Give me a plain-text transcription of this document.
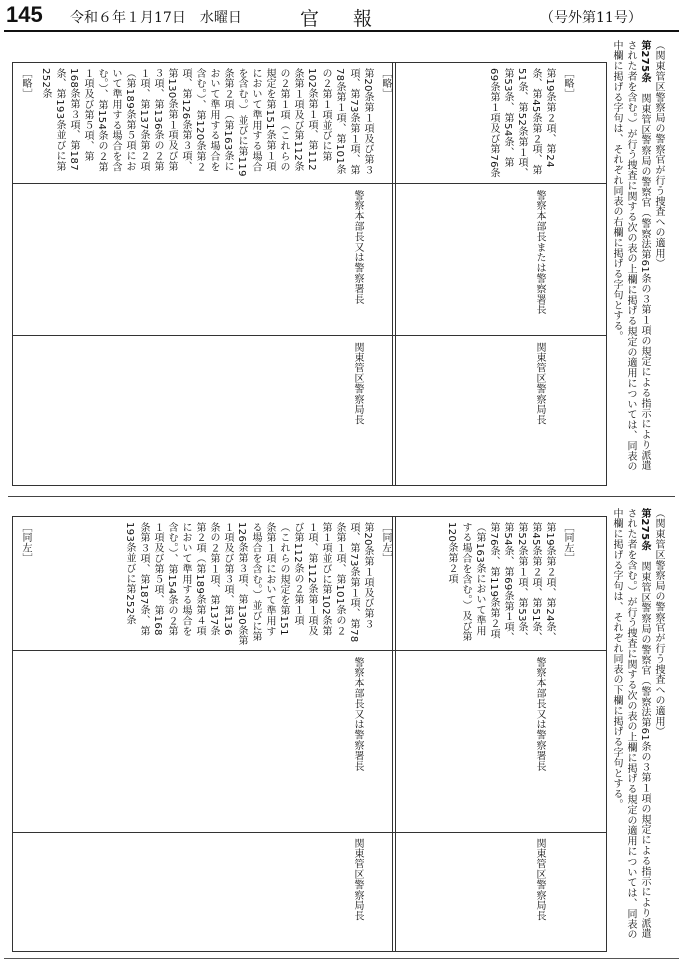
145 令和６年１月17日　水曜日	官報	（号外第11号）
（関東管区警察局の警察官が行う捜査への適用）
第275条　関東管区警察局の警察官（警察法第61条の３第１項の規定による指示により派遣された者を含む。）が行う捜査に関する次の表の上欄に掲げる規定の適用については、同表の中欄に掲げる字句は、それぞれ同表の右欄に掲げる字句とする。
［略］
第19条第２項、第24条、第45条第２項、第51条、第52条第１項、第53条、第54条、第69条第１項及び第76条
警察本部長または警察署長
関東管区警察局長
［略］
第20条第１項及び第３項、第73条第１項、第78条第１項、第101条の２第１項並びに第102条第１項、第112条第１項及び第112条の２第１項（これらの規定を第151条第１項において準用する場合を含む。）並びに第119条第２項（第163条において準用する場合を含む。）、第120条第２項、第126条第３項、第130条第１項及び第３項、第136条の２第１項、第137条第２項（第189条第５項において準用する場合を含む。）、第154条の２第１項及び第５項、第168条第３項、第187条、第193条並びに第252条
警察本部長又は警察署長
関東管区警察局長
［略］
（関東管区警察局の警察官が行う捜査への適用）
第275条　関東管区警察局の警察官（警察法第61条の３第１項の規定による指示により派遣された者を含む。）が行う捜査に関する次の表の上欄に掲げる規定の適用については、同表の中欄に掲げる字句は、それぞれ同表の下欄に掲げる字句とする。
［同左］
第19条第２項、第24条、第45条第２項、第51条、第52条第１項、第53条、第54条、第69条第１項、第76条、第119条第２項（第163条において準用する場合を含む。）及び第120条第２項
警察本部長又は警察署長
関東管区警察局長
［同左］
第20条第１項及び第３項、第73条第１項、第78条第１項、第101条の２第１項並びに第102条第１項、第112条第１項及び第112条の２第１項（これらの規定を第151条第１項において準用する場合を含む。）並びに第126条第３項、第130条第１項及び第３項、第136条の２第１項、第137条第２項（第189条第４項において準用する場合を含む。）、第154条の２第１項及び第５項、第168条第３項、第187条、第193条並びに第252条
警察本部長又は警察署長
関東管区警察局長
［同左］
